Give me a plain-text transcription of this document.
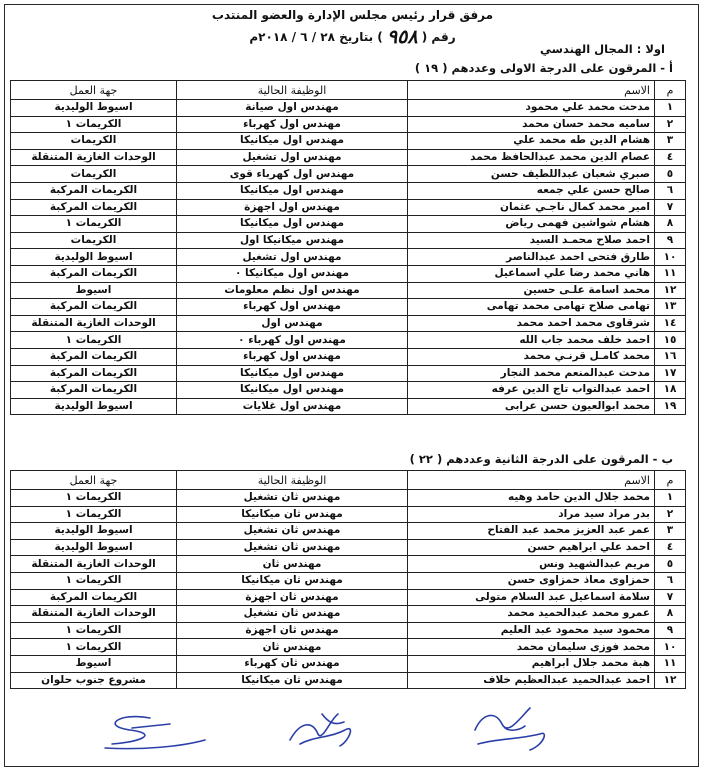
مرفق قرار رئيس مجلس الإدارة والعضو المنتدب
رقم ( ٩٥٨ ) بتاريخ ٢٨ / ٦ / ٢٠١٨م
اولا : المجال الهندسي
أ - المرقون على الدرجة الاولى وعددهم ( ١٩ )
م	الاسم	الوظيفة الحالية	جهة العمل
١	مدحت محمد علي محمود	مهندس اول صيانة	اسيوط الوليدية
٢	ساميه محمد حسان محمد	مهندس اول كهرباء	الكريمات ١
٣	هشام الدين طه محمد علي	مهندس اول ميكانيكا	الكريمات
٤	عصام الدين محمد عبدالحافظ محمد	مهندس اول تشغيل	الوحدات الغازية المتنقلة
٥	صبري شعبان عبداللطيف حسن	مهندس اول كهرباء قوى	الكريمات
٦	صالح حسن علي جمعه	مهندس اول ميكانيكا	الكريمات المركبة
٧	امير محمد كمال ناجـي عثمان	مهندس اول اجهزة	الكريمات المركبة
٨	هشام شواشين فهمى رياض	مهندس اول ميكانيكا	الكريمات ١
٩	احمد صلاح محمـد السيد	مهندس ميكانيكا اول	الكريمات
١٠	طارق فتحى احمد عبدالناصر	مهندس اول تشغيل	اسيوط الوليدية
١١	هاني محمد رضا علي اسماعيل	مهندس اول ميكانيكا ٠	الكريمات المركبة
١٢	محمد اسامة علـى حسين	مهندس اول نظم معلومات	اسيوط
١٣	تهامى صلاح تهامى محمد تهامى	مهندس اول كهرباء	الكريمات المركبة
١٤	شرقاوى محمد احمد محمد	مهندس اول	الوحدات الغازية المتنقلة
١٥	احمد خلف محمد جاب الله	مهندس اول كهرباء ٠	الكريمات ١
١٦	محمد كامـل قرنـي محمد	مهندس اول كهرباء	الكريمات المركبة
١٧	مدحت عبدالمنعم محمد النجار	مهندس اول ميكانيكا	الكريمات المركبة
١٨	احمد عبدالتواب تاج الدين عرفه	مهندس اول ميكانيكا	الكريمات المركبة
١٩	محمد ابوالعيون حسن عرابى	مهندس اول غلايات	اسيوط الوليدية
ب - المرقون على الدرجة الثانية وعددهم ( ٢٢ )
م	الاسم	الوظيفة الحالية	جهة العمل
١	محمد جلال الدين حامد وهيه	مهندس ثان تشغيل	الكريمات ١
٢	بدر مراد سيد مراد	مهندس ثان ميكانيكا	الكريمات ١
٣	عمر عبد العزيز محمد عبد الفتاح	مهندس ثان تشغيل	اسيوط الوليدية
٤	احمد علي ابراهيم حسن	مهندس ثان تشغيل	اسيوط الوليدية
٥	مريم عبدالشهيد ونس	مهندس ثان	الوحدات الغازية المتنقلة
٦	حمزاوى معاذ حمزاوى حسن	مهندس ثان ميكانيكا	الكريمات ١
٧	سلامة اسماعيل عبد السلام متولى	مهندس ثان اجهزة	الكريمات المركبة
٨	عمرو محمد عبدالحميد محمد	مهندس ثان تشغيل	الوحدات الغازية المتنقلة
٩	محمود سيد محمود عبد العليم	مهندس ثان اجهزة	الكريمات ١
١٠	محمد فوزى سليمان محمد	مهندس ثان	الكريمات ١
١١	هبة محمد جلال ابراهيم	مهندس ثان كهرباء	اسيوط
١٢	احمد عبدالحميد عبدالعظيم خلاف	مهندس ثان ميكانيكا	مشروع جنوب حلوان
